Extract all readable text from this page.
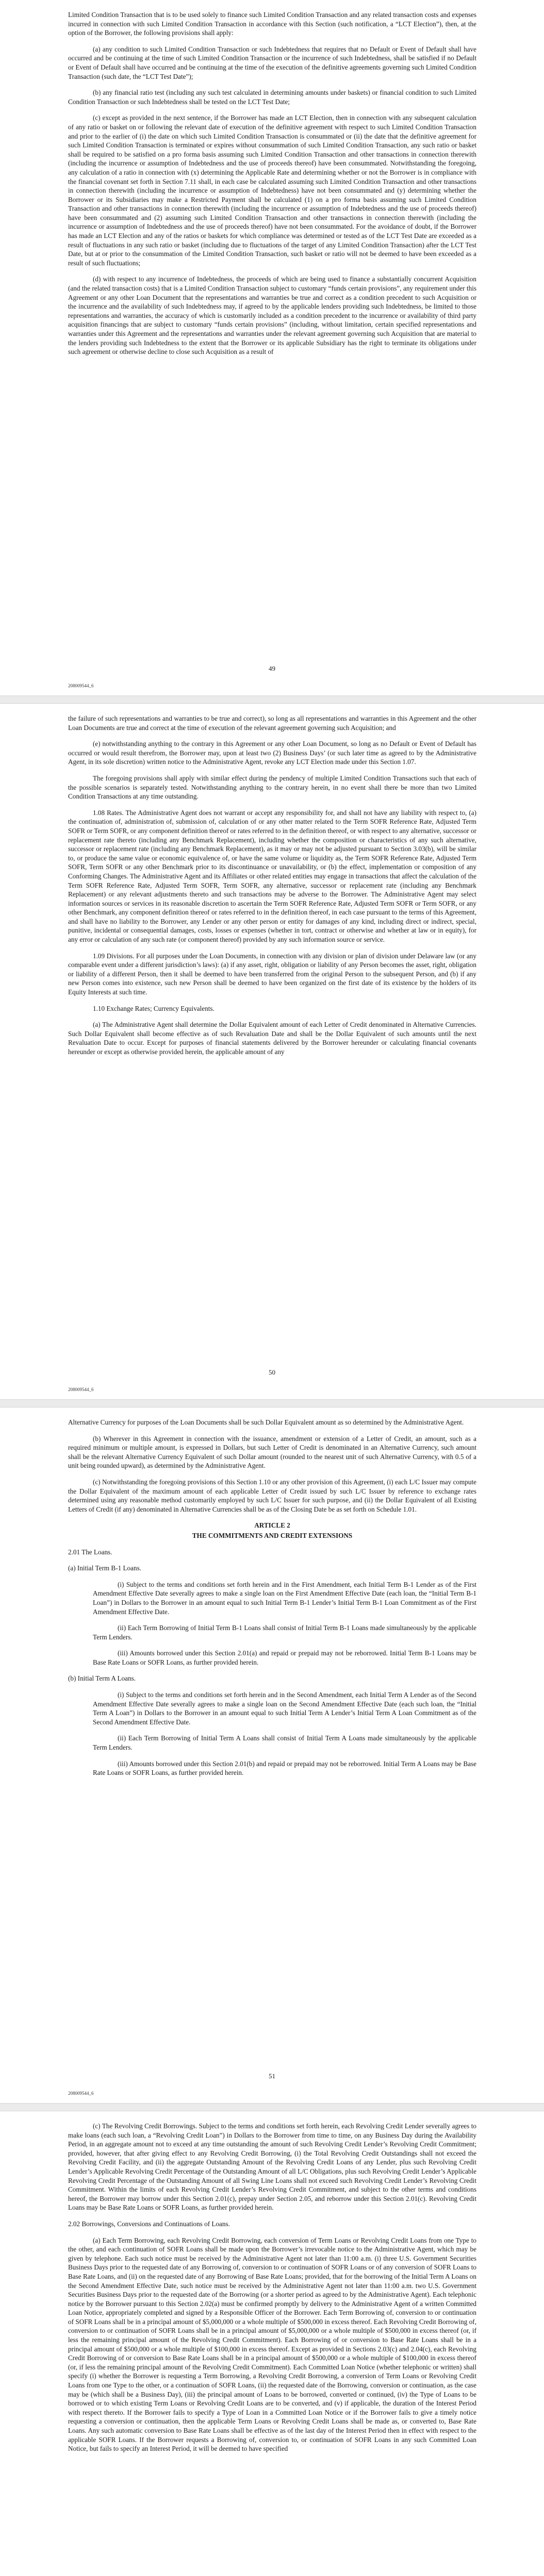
Limited Condition Transaction that is to be used solely to finance such Limited Condition Transaction and any related transaction costs and expenses incurred in connection with such Limited Condition Transaction in accordance with this Section (such notification, a “LCT Election”), then, at the option of the Borrower, the following provisions shall apply:

(a) any condition to such Limited Condition Transaction or such Indebtedness that requires that no Default or Event of Default shall have occurred and be continuing at the time of such Limited Condition Transaction or the incurrence of such Indebtedness, shall be satisfied if no Default or Event of Default shall have occurred and be continuing at the time of the execution of the definitive agreements governing such Limited Condition Transaction (such date, the “LCT Test Date”);

(b) any financial ratio test (including any such test calculated in determining amounts under baskets) or financial condition to such Limited Condition Transaction or such Indebtedness shall be tested on the LCT Test Date;

(c) except as provided in the next sentence, if the Borrower has made an LCT Election, then in connection with any subsequent calculation of any ratio or basket on or following the relevant date of execution of the definitive agreement with respect to such Limited Condition Transaction and prior to the earlier of (i) the date on which such Limited Condition Transaction is consummated or (ii) the date that the definitive agreement for such Limited Condition Transaction is terminated or expires without consummation of such Limited Condition Transaction, any such ratio or basket shall be required to be satisfied on a pro forma basis assuming such Limited Condition Transaction and other transactions in connection therewith (including the incurrence or assumption of Indebtedness and the use of proceeds thereof) have been consummated. Notwithstanding the foregoing, any calculation of a ratio in connection with (x) determining the Applicable Rate and determining whether or not the Borrower is in compliance with the financial covenant set forth in Section 7.11 shall, in each case be calculated assuming such Limited Condition Transaction and other transactions in connection therewith (including the incurrence or assumption of Indebtedness) have not been consummated and (y) determining whether the Borrower or its Subsidiaries may make a Restricted Payment shall be calculated (1) on a pro forma basis assuming such Limited Condition Transaction and other transactions in connection therewith (including the incurrence or assumption of Indebtedness and the use of proceeds thereof) have been consummated and (2) assuming such Limited Condition Transaction and other transactions in connection therewith (including the incurrence or assumption of Indebtedness and the use of proceeds thereof) have not been consummated. For the avoidance of doubt, if the Borrower has made an LCT Election and any of the ratios or baskets for which compliance was determined or tested as of the LCT Test Date are exceeded as a result of fluctuations in any such ratio or basket (including due to fluctuations of the target of any Limited Condition Transaction) after the LCT Test Date, but at or prior to the consummation of the Limited Condition Transaction, such basket or ratio will not be deemed to have been exceeded as a result of such fluctuations;

(d) with respect to any incurrence of Indebtedness, the proceeds of which are being used to finance a substantially concurrent Acquisition (and the related transaction costs) that is a Limited Condition Transaction subject to customary “funds certain provisions”, any requirement under this Agreement or any other Loan Document that the representations and warranties be true and correct as a condition precedent to such Acquisition or the incurrence and the availability of such Indebtedness may, if agreed to by the applicable lenders providing such Indebtedness, be limited to those representations and warranties, the accuracy of which is customarily included as a condition precedent to the incurrence or availability of third party acquisition financings that are subject to customary “funds certain provisions” (including, without limitation, certain specified representations and warranties under this Agreement and the representations and warranties under the relevant agreement governing such Acquisition that are material to the lenders providing such Indebtedness to the extent that the Borrower or its applicable Subsidiary has the right to terminate its obligations under such agreement or otherwise decline to close such Acquisition as a result of

49
208009544_6

the failure of such representations and warranties to be true and correct), so long as all representations and warranties in this Agreement and the other Loan Documents are true and correct at the time of execution of the relevant agreement governing such Acquisition; and

(e) notwithstanding anything to the contrary in this Agreement or any other Loan Document, so long as no Default or Event of Default has occurred or would result therefrom, the Borrower may, upon at least two (2) Business Days’ (or such later time as agreed to by the Administrative Agent, in its sole discretion) written notice to the Administrative Agent, revoke any LCT Election made under this Section 1.07.

The foregoing provisions shall apply with similar effect during the pendency of multiple Limited Condition Transactions such that each of the possible scenarios is separately tested. Notwithstanding anything to the contrary herein, in no event shall there be more than two Limited Condition Transactions at any time outstanding.

1.08 Rates. The Administrative Agent does not warrant or accept any responsibility for, and shall not have any liability with respect to, (a) the continuation of, administration of, submission of, calculation of or any other matter related to the Term SOFR Reference Rate, Adjusted Term SOFR or Term SOFR, or any component definition thereof or rates referred to in the definition thereof, or with respect to any alternative, successor or replacement rate thereto (including any Benchmark Replacement), including whether the composition or characteristics of any such alternative, successor or replacement rate (including any Benchmark Replacement), as it may or may not be adjusted pursuant to Section 3.03(b), will be similar to, or produce the same value or economic equivalence of, or have the same volume or liquidity as, the Term SOFR Reference Rate, Adjusted Term SOFR, Term SOFR or any other Benchmark prior to its discontinuance or unavailability, or (b) the effect, implementation or composition of any Conforming Changes. The Administrative Agent and its Affiliates or other related entities may engage in transactions that affect the calculation of the Term SOFR Reference Rate, Adjusted Term SOFR, Term SOFR, any alternative, successor or replacement rate (including any Benchmark Replacement) or any relevant adjustments thereto and such transactions may be adverse to the Borrower. The Administrative Agent may select information sources or services in its reasonable discretion to ascertain the Term SOFR Reference Rate, Adjusted Term SOFR or Term SOFR, or any other Benchmark, any component definition thereof or rates referred to in the definition thereof, in each case pursuant to the terms of this Agreement, and shall have no liability to the Borrower, any Lender or any other person or entity for damages of any kind, including direct or indirect, special, punitive, incidental or consequential damages, costs, losses or expenses (whether in tort, contract or otherwise and whether at law or in equity), for any error or calculation of any such rate (or component thereof) provided by any such information source or service.

1.09 Divisions. For all purposes under the Loan Documents, in connection with any division or plan of division under Delaware law (or any comparable event under a different jurisdiction’s laws): (a) if any asset, right, obligation or liability of any Person becomes the asset, right, obligation or liability of a different Person, then it shall be deemed to have been transferred from the original Person to the subsequent Person, and (b) if any new Person comes into existence, such new Person shall be deemed to have been organized on the first date of its existence by the holders of its Equity Interests at such time.

1.10 Exchange Rates; Currency Equivalents.

(a) The Administrative Agent shall determine the Dollar Equivalent amount of each Letter of Credit denominated in Alternative Currencies. Such Dollar Equivalent shall become effective as of such Revaluation Date and shall be the Dollar Equivalent of such amounts until the next Revaluation Date to occur. Except for purposes of financial statements delivered by the Borrower hereunder or calculating financial covenants hereunder or except as otherwise provided herein, the applicable amount of any

50
208009544_6

Alternative Currency for purposes of the Loan Documents shall be such Dollar Equivalent amount as so determined by the Administrative Agent.

(b) Wherever in this Agreement in connection with the issuance, amendment or extension of a Letter of Credit, an amount, such as a required minimum or multiple amount, is expressed in Dollars, but such Letter of Credit is denominated in an Alternative Currency, such amount shall be the relevant Alternative Currency Equivalent of such Dollar amount (rounded to the nearest unit of such Alternative Currency, with 0.5 of a unit being rounded upward), as determined by the Administrative Agent.

(c) Notwithstanding the foregoing provisions of this Section 1.10 or any other provision of this Agreement, (i) each L/C Issuer may compute the Dollar Equivalent of the maximum amount of each applicable Letter of Credit issued by such L/C Issuer by reference to exchange rates determined using any reasonable method customarily employed by such L/C Issuer for such purpose, and (ii) the Dollar Equivalent of all Existing Letters of Credit (if any) denominated in Alternative Currencies shall be as of the Closing Date be as set forth on Schedule 1.01.

ARTICLE 2

THE COMMITMENTS AND CREDIT EXTENSIONS

2.01 The Loans.

(a) Initial Term B-1 Loans.

(i) Subject to the terms and conditions set forth herein and in the First Amendment, each Initial Term B-1 Lender as of the First Amendment Effective Date severally agrees to make a single loan on the First Amendment Effective Date (each loan, the “Initial Term B-1 Loan”) in Dollars to the Borrower in an amount equal to such Initial Term B-1 Lender’s Initial Term B-1 Loan Commitment as of the First Amendment Effective Date.

(ii) Each Term Borrowing of Initial Term B-1 Loans shall consist of Initial Term B-1 Loans made simultaneously by the applicable Term Lenders.

(iii) Amounts borrowed under this Section 2.01(a) and repaid or prepaid may not be reborrowed. Initial Term B-1 Loans may be Base Rate Loans or SOFR Loans, as further provided herein.

(b) Initial Term A Loans.

(i) Subject to the terms and conditions set forth herein and in the Second Amendment, each Initial Term A Lender as of the Second Amendment Effective Date severally agrees to make a single loan on the Second Amendment Effective Date (each such loan, the “Initial Term A Loan”) in Dollars to the Borrower in an amount equal to such Initial Term A Lender’s Initial Term A Loan Commitment as of the Second Amendment Effective Date.

(ii) Each Term Borrowing of Initial Term A Loans shall consist of Initial Term A Loans made simultaneously by the applicable Term Lenders.

(iii) Amounts borrowed under this Section 2.01(b) and repaid or prepaid may not be reborrowed. Initial Term A Loans may be Base Rate Loans or SOFR Loans, as further provided herein.

51
208009544_6

(c) The Revolving Credit Borrowings. Subject to the terms and conditions set forth herein, each Revolving Credit Lender severally agrees to make loans (each such loan, a “Revolving Credit Loan”) in Dollars to the Borrower from time to time, on any Business Day during the Availability Period, in an aggregate amount not to exceed at any time outstanding the amount of such Revolving Credit Lender’s Revolving Credit Commitment; provided, however, that after giving effect to any Revolving Credit Borrowing, (i) the Total Revolving Credit Outstandings shall not exceed the Revolving Credit Facility, and (ii) the aggregate Outstanding Amount of the Revolving Credit Loans of any Lender, plus such Revolving Credit Lender’s Applicable Revolving Credit Percentage of the Outstanding Amount of all L/C Obligations, plus such Revolving Credit Lender’s Applicable Revolving Credit Percentage of the Outstanding Amount of all Swing Line Loans shall not exceed such Revolving Credit Lender’s Revolving Credit Commitment. Within the limits of each Revolving Credit Lender’s Revolving Credit Commitment, and subject to the other terms and conditions hereof, the Borrower may borrow under this Section 2.01(c), prepay under Section 2.05, and reborrow under this Section 2.01(c). Revolving Credit Loans may be Base Rate Loans or SOFR Loans, as further provided herein.

2.02 Borrowings, Conversions and Continuations of Loans.

(a) Each Term Borrowing, each Revolving Credit Borrowing, each conversion of Term Loans or Revolving Credit Loans from one Type to the other, and each continuation of SOFR Loans shall be made upon the Borrower’s irrevocable notice to the Administrative Agent, which may be given by telephone. Each such notice must be received by the Administrative Agent not later than 11:00 a.m. (i) three U.S. Government Securities Business Days prior to the requested date of any Borrowing of, conversion to or continuation of SOFR Loans or of any conversion of SOFR Loans to Base Rate Loans, and (ii) on the requested date of any Borrowing of Base Rate Loans; provided, that for the borrowing of the Initial Term A Loans on the Second Amendment Effective Date, such notice must be received by the Administrative Agent not later than 11:00 a.m. two U.S. Government Securities Business Days prior to the requested date of the Borrowing (or a shorter period as agreed to by the Administrative Agent). Each telephonic notice by the Borrower pursuant to this Section 2.02(a) must be confirmed promptly by delivery to the Administrative Agent of a written Committed Loan Notice, appropriately completed and signed by a Responsible Officer of the Borrower. Each Term Borrowing of, conversion to or continuation of SOFR Loans shall be in a principal amount of $5,000,000 or a whole multiple of $500,000 in excess thereof. Each Revolving Credit Borrowing of, conversion to or continuation of SOFR Loans shall be in a principal amount of $5,000,000 or a whole multiple of $500,000 in excess thereof (or, if less the remaining principal amount of the Revolving Credit Commitment). Each Borrowing of or conversion to Base Rate Loans shall be in a principal amount of $500,000 or a whole multiple of $100,000 in excess thereof. Except as provided in Sections 2.03(c) and 2.04(c), each Revolving Credit Borrowing of or conversion to Base Rate Loans shall be in a principal amount of $500,000 or a whole multiple of $100,000 in excess thereof (or, if less the remaining principal amount of the Revolving Credit Commitment). Each Committed Loan Notice (whether telephonic or written) shall specify (i) whether the Borrower is requesting a Term Borrowing, a Revolving Credit Borrowing, a conversion of Term Loans or Revolving Credit Loans from one Type to the other, or a continuation of SOFR Loans, (ii) the requested date of the Borrowing, conversion or continuation, as the case may be (which shall be a Business Day), (iii) the principal amount of Loans to be borrowed, converted or continued, (iv) the Type of Loans to be borrowed or to which existing Term Loans or Revolving Credit Loans are to be converted, and (v) if applicable, the duration of the Interest Period with respect thereto. If the Borrower fails to specify a Type of Loan in a Committed Loan Notice or if the Borrower fails to give a timely notice requesting a conversion or continuation, then the applicable Term Loans or Revolving Credit Loans shall be made as, or converted to, Base Rate Loans. Any such automatic conversion to Base Rate Loans shall be effective as of the last day of the Interest Period then in effect with respect to the applicable SOFR Loans. If the Borrower requests a Borrowing of, conversion to, or continuation of SOFR Loans in any such Committed Loan Notice, but fails to specify an Interest Period, it will be deemed to have specified
